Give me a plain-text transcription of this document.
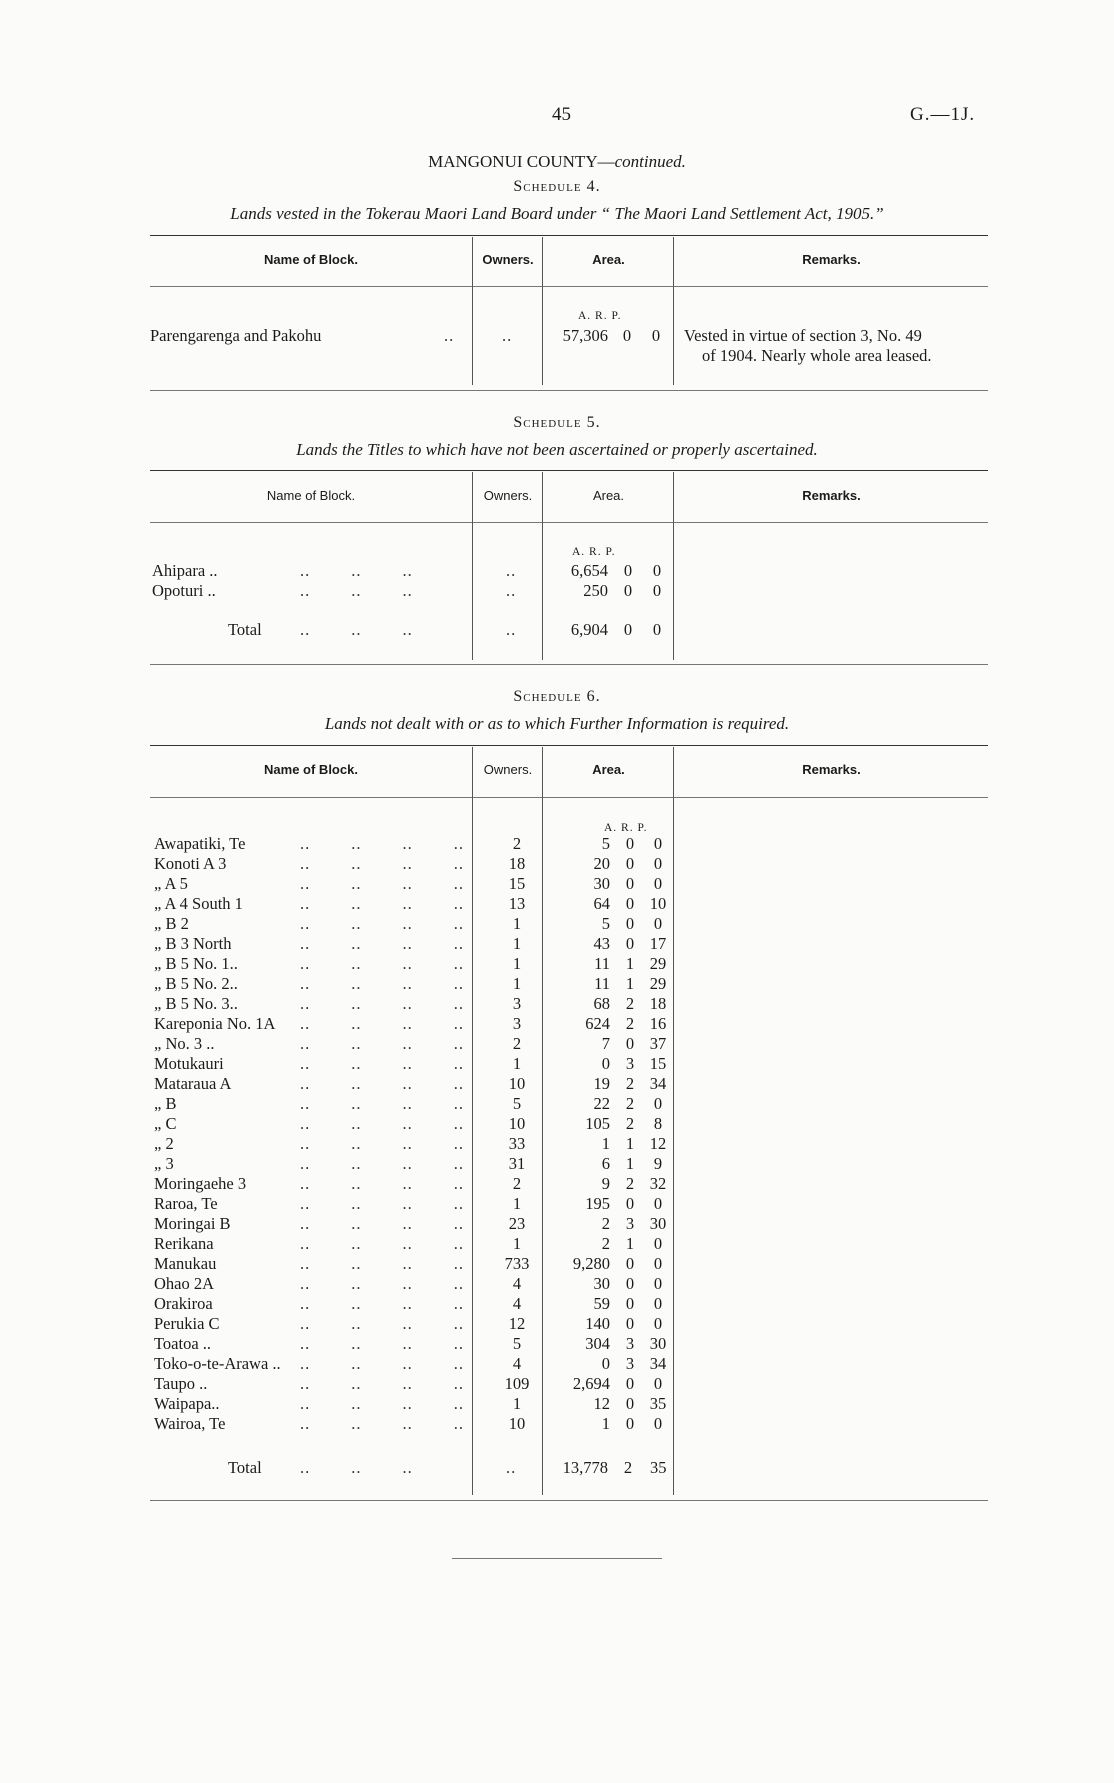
45	G.—1J.
MANGONUI COUNTY—continued.
Schedule 4.
Lands vested in the Tokerau Maori Land Board under “ The Maori Land Settlement Act, 1905.”
Name of Block.	Owners.	Area.	Remarks.
A. R. P.
Parengarenga and Pakohu	..	..	57,306 0 0 Vested in virtue of section 3, No. 49
of 1904. Nearly whole area leased.
Schedule 5.
Lands the Titles to which have not been ascertained or properly ascertained.
Name of Block.	Owners.	Area.	Remarks.
A. R. P.
Ahipara ..	..        ..        ..	..	6,654 0 0
Opoturi ..	..        ..        ..	..	250 0 0
Total ..        ..        ..	..	6,904 0 0
Schedule 6.
Lands not dealt with or as to which Further Information is required.
Name of Block.	Owners.	Area.	Remarks.
A. R. P.
Awapatiki, Te	..        ..        ..        ..	2	5 0	0
Konoti A 3	..        ..        ..        ..	18	20 0	0
„ A 5	..        ..        ..        ..	15	30 0	0
„ A 4 South 1	..        ..        ..        ..	13	64 0 10
„ B 2	..        ..        ..        ..	1	5 0	0
„ B 3 North	..        ..        ..        ..	1	43 0 17
„ B 5 No. 1..	..        ..        ..        ..	1	11 1 29
„ B 5 No. 2..	..        ..        ..        ..	1	11 1 29
„ B 5 No. 3..	..        ..        ..        ..	3	68 2 18
Kareponia No. 1A ..        ..        ..        ..	3	624 2 16
„ No. 3 ..	..        ..        ..        ..	2	7 0 37
Motukauri	..        ..        ..        ..	1	0 3 15
Mataraua A	..        ..        ..        ..	10	19 2 34
„ B	..        ..        ..        ..	5	22 2	0
„ C	..        ..        ..        ..	10	105 2	8
„ 2	..        ..        ..        ..	33	1 1 12
„ 3	..        ..        ..        ..	31	6 1	9
Moringaehe 3	..        ..        ..        ..	2	9 2 32
Raroa, Te	..        ..        ..        ..	1	195 0	0
Moringai B	..        ..        ..        ..	23	2 3 30
Rerikana	..        ..        ..        ..	1	2 1	0
Manukau	..        ..        ..        ..	733	9,280 0	0
Ohao 2A	..        ..        ..        ..	4	30 0	0
Orakiroa	..        ..        ..        ..	4	59 0	0
Perukia C	..        ..        ..        ..	12	140 0	0
Toatoa ..	..        ..        ..        ..	5	304 3 30
Toko-o-te-Arawa .. ..        ..        ..        ..	4	0 3 34
Taupo ..	..        ..        ..        ..	109	2,694 0	0
Waipapa..	..        ..        ..        ..	1	12 0 35
Wairoa, Te	..        ..        ..        ..	10	1 0	0
Total ..        ..        ..	..	13,778 2 35
